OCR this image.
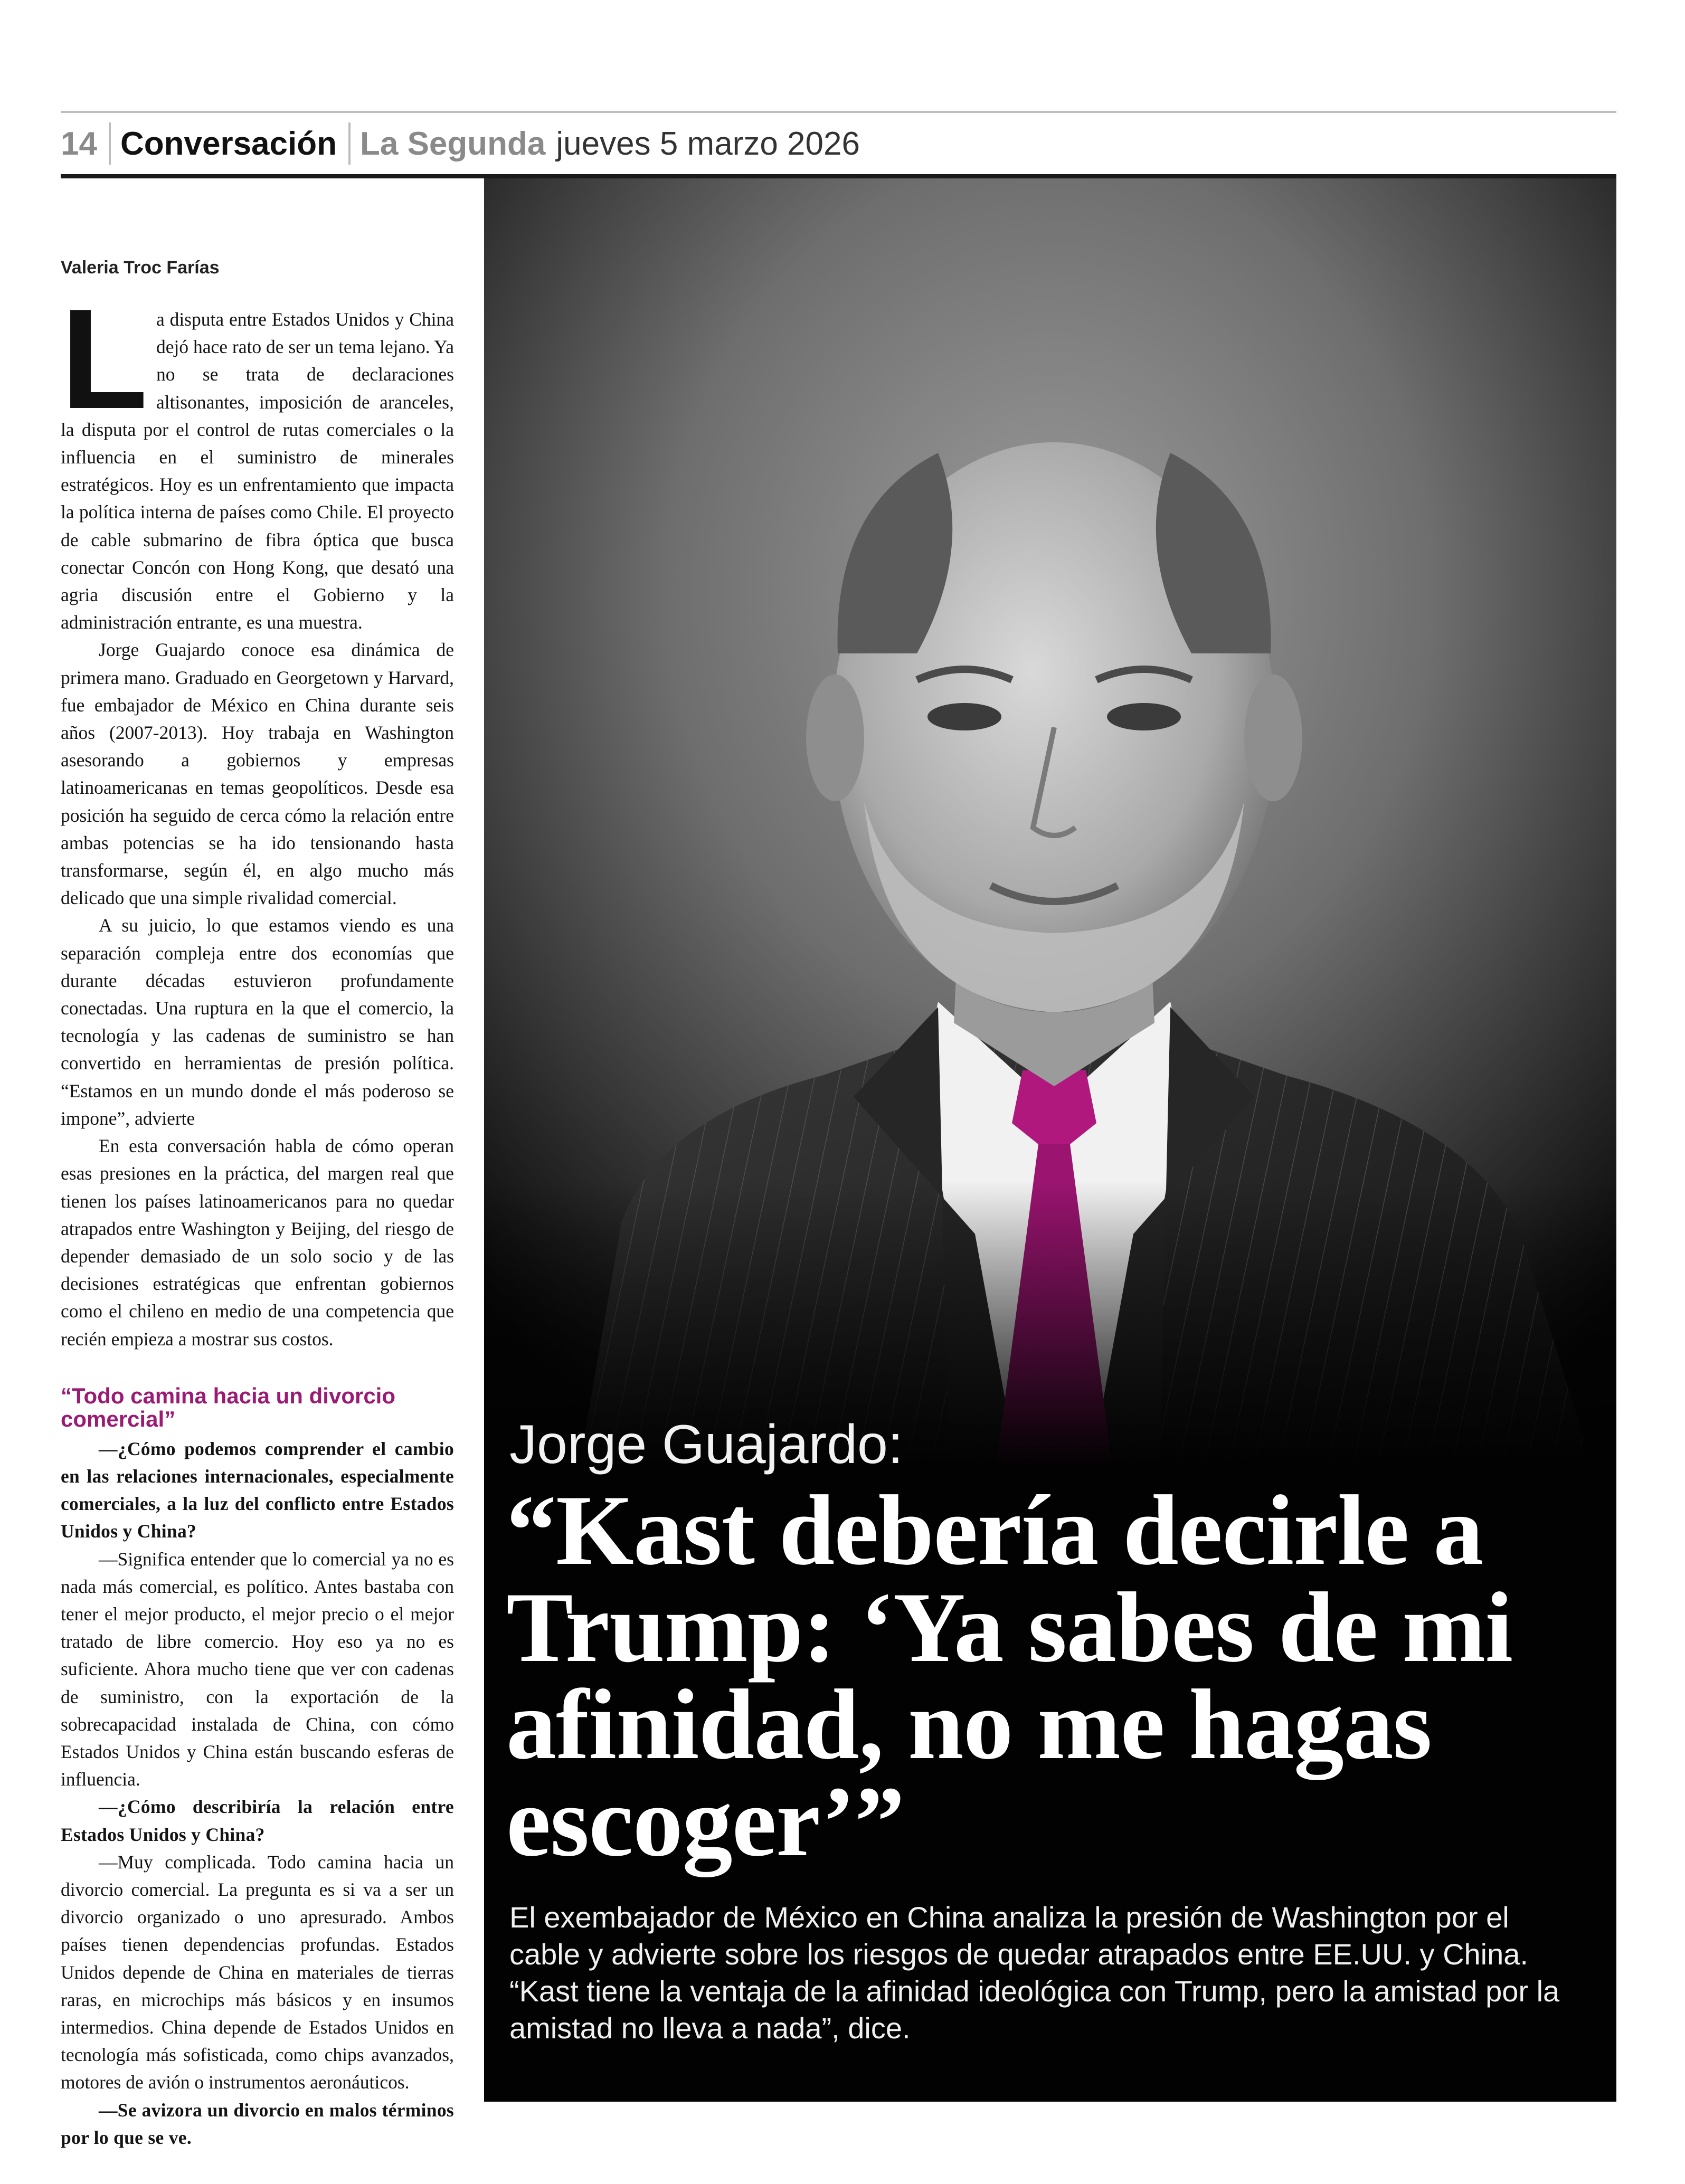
14 Conversación La Segunda jueves 5 marzo 2026
Valeria Troc Farías

La disputa entre Estados Unidos y China dejó hace rato de ser un tema lejano. Ya no se trata de declaraciones altisonantes, imposición de aranceles, la disputa por el control de rutas comerciales o la influencia en el suministro de minerales estratégicos. Hoy es un enfrentamiento que impacta la política interna de países como Chile. El proyecto de cable submarino de fibra óptica que busca conectar Concón con Hong Kong, que desató una agria discusión entre el Gobierno y la administración entrante, es una muestra.

Jorge Guajardo conoce esa dinámica de primera mano. Graduado en Georgetown y Harvard, fue embajador de México en China durante seis años (2007-2013). Hoy trabaja en Washington asesorando a gobiernos y empresas latinoamericanas en temas geopolíticos. Desde esa posición ha seguido de cerca cómo la relación entre ambas potencias se ha ido tensionando hasta transformarse, según él, en algo mucho más delicado que una simple rivalidad comercial.

A su juicio, lo que estamos viendo es una separación compleja entre dos economías que durante décadas estuvieron profundamente conectadas. Una ruptura en la que el comercio, la tecnología y las cadenas de suministro se han convertido en herramientas de presión política. “Estamos en un mundo donde el más poderoso se impone”, advierte

En esta conversación habla de cómo operan esas presiones en la práctica, del margen real que tienen los países latinoamericanos para no quedar atrapados entre Washington y Beijing, del riesgo de depender demasiado de un solo socio y de las decisiones estratégicas que enfrentan gobiernos como el chileno en medio de una competencia que recién empieza a mostrar sus costos.

“Todo camina hacia un divorcio comercial”

—¿Cómo podemos comprender el cambio en las relaciones internacionales, especialmente comerciales, a la luz del conflicto entre Estados Unidos y China?

—Significa entender que lo comercial ya no es nada más comercial, es político. Antes bastaba con tener el mejor producto, el mejor precio o el mejor tratado de libre comercio. Hoy eso ya no es suficiente. Ahora mucho tiene que ver con cadenas de suministro, con la exportación de la sobrecapacidad instalada de China, con cómo Estados Unidos y China están buscando esferas de influencia.

—¿Cómo describiría la relación entre Estados Unidos y China?

—Muy complicada. Todo camina hacia un divorcio comercial. La pregunta es si va a ser un divorcio organizado o uno apresurado. Ambos países tienen dependencias profundas. Estados Unidos depende de China en materiales de tierras raras, en microchips más básicos y en insumos intermedios. China depende de Estados Unidos en tecnología más sofisticada, como chips avanzados, motores de avión o instrumentos aeronáuticos.

—Se avizora un divorcio en malos términos por lo que se ve.

Jorge Guajardo:
“Kast debería decirle a Trump: ‘Ya sabes de mi afinidad, no me hagas escoger’”
El exembajador de México en China analiza la presión de Washington por el cable y advierte sobre los riesgos de quedar atrapados entre EE.UU. y China. “Kast tiene la ventaja de la afinidad ideológica con Trump, pero la amistad por la amistad no lleva a nada”, dice.
